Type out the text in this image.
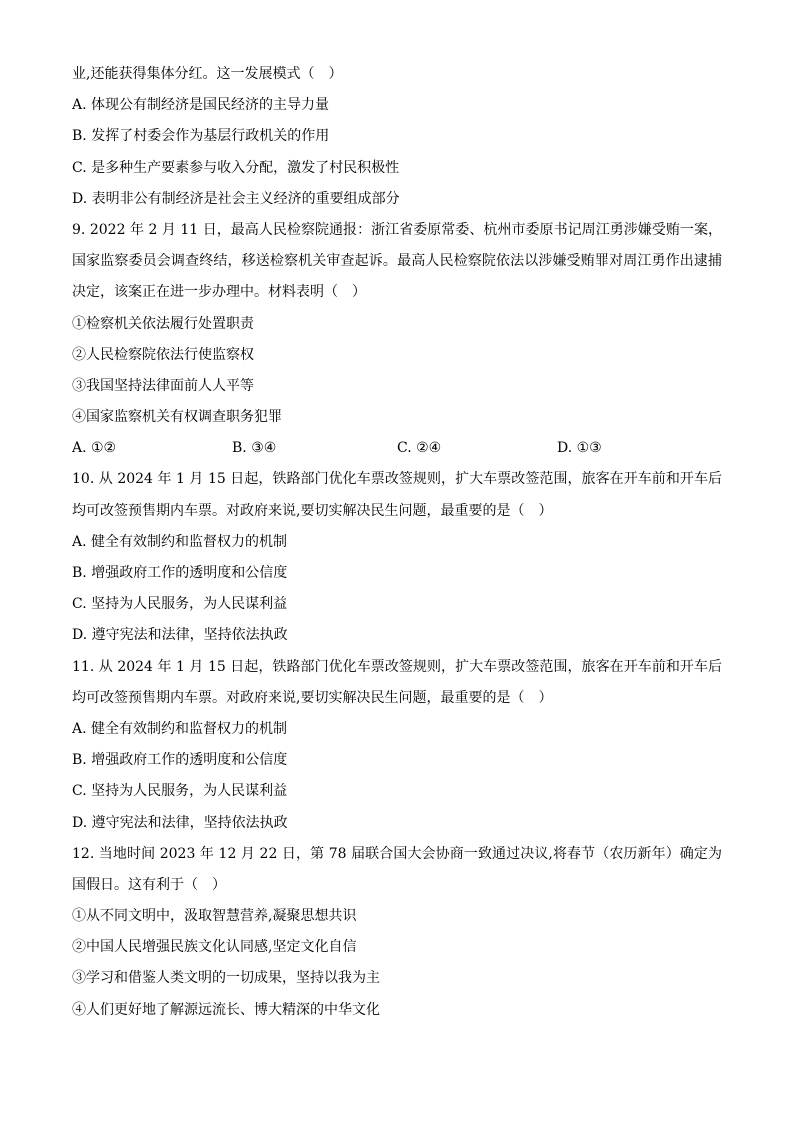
业,还能获得集体分红。这一发展模式（　）
A. 体现公有制经济是国民经济的主导力量
B. 发挥了村委会作为基层行政机关的作用
C. 是多种生产要素参与收入分配，激发了村民积极性
D. 表明非公有制经济是社会主义经济的重要组成部分
9. 2022 年 2 月 11 日，最高人民检察院通报：浙江省委原常委、杭州市委原书记周江勇涉嫌受贿一案，
国家监察委员会调查终结，移送检察机关审查起诉。最高人民检察院依法以涉嫌受贿罪对周江勇作出逮捕
决定，该案正在进一步办理中。材料表明（　）
①检察机关依法履行处置职责
②人民检察院依法行使监察权
③我国坚持法律面前人人平等
④国家监察机关有权调查职务犯罪
A. ①②	B. ③④	C. ②④	D. ①③
10. 从 2024 年 1 月 15 日起，铁路部门优化车票改签规则，扩大车票改签范围，旅客在开车前和开车后
均可改签预售期内车票。对政府来说,要切实解决民生问题，最重要的是（　）
A. 健全有效制约和监督权力的机制
B. 增强政府工作的透明度和公信度
C. 坚持为人民服务，为人民谋利益
D. 遵守宪法和法律，坚持依法执政
11. 从 2024 年 1 月 15 日起，铁路部门优化车票改签规则，扩大车票改签范围，旅客在开车前和开车后
均可改签预售期内车票。对政府来说,要切实解决民生问题，最重要的是（　）
A. 健全有效制约和监督权力的机制
B. 增强政府工作的透明度和公信度
C. 坚持为人民服务，为人民谋利益
D. 遵守宪法和法律，坚持依法执政
12. 当地时间 2023 年 12 月 22 日，第 78 届联合国大会协商一致通过决议,将春节（农历新年）确定为
国假日。这有利于（　）
①从不同文明中，汲取智慧营养,凝聚思想共识
②中国人民增强民族文化认同感,坚定文化自信
③学习和借鉴人类文明的一切成果，坚持以我为主
④人们更好地了解源远流长、博大精深的中华文化
